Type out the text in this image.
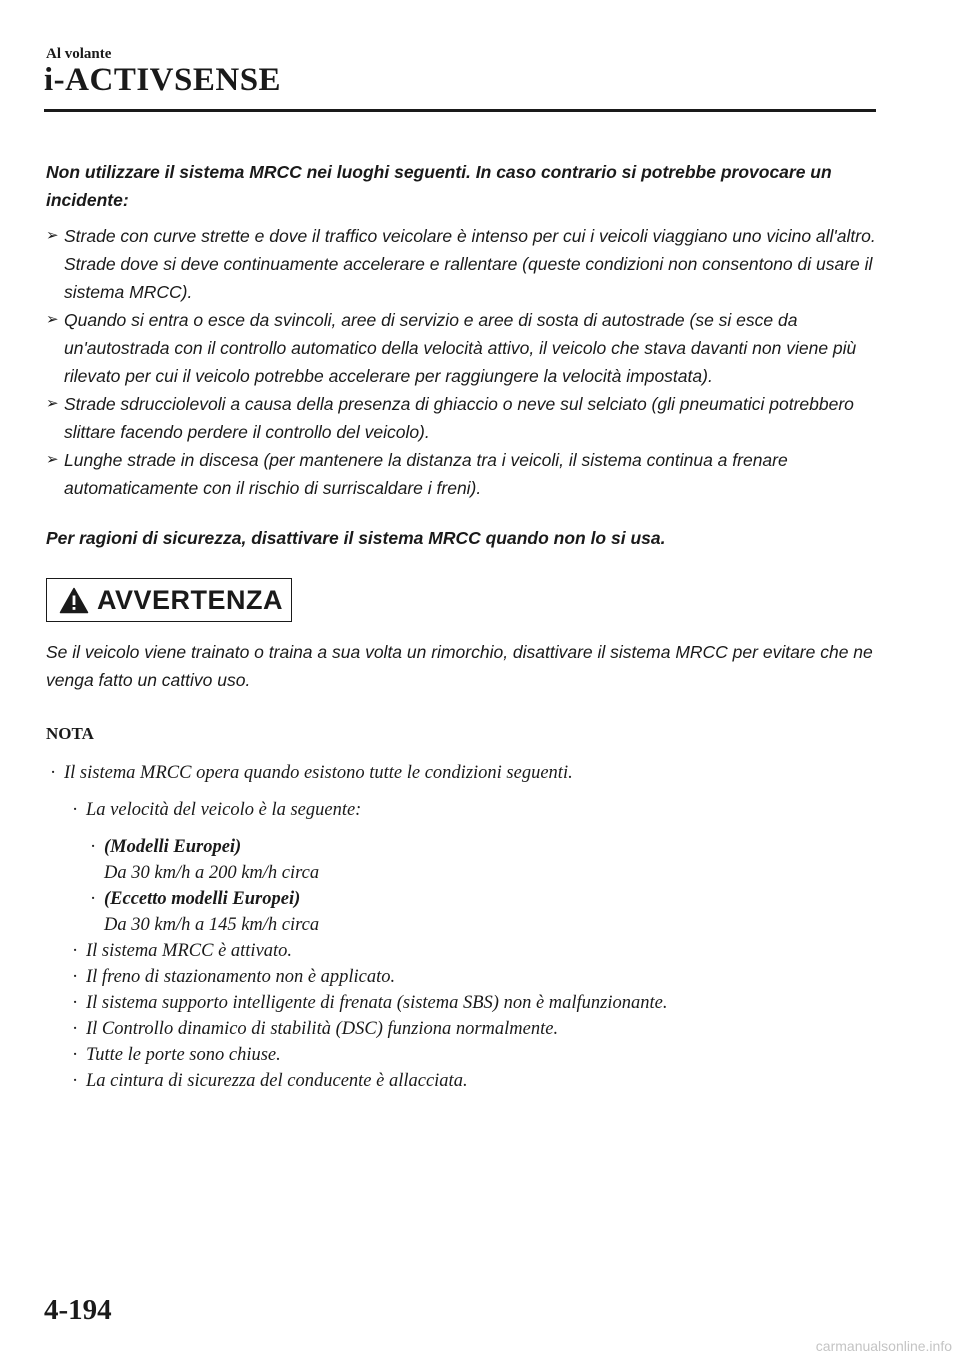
Al volante
i-ACTIVSENSE

Non utilizzare il sistema MRCC nei luoghi seguenti. In caso contrario si potrebbe provocare un incidente:

➢ Strade con curve strette e dove il traffico veicolare è intenso per cui i veicoli viaggiano uno vicino all'altro. Strade dove si deve continuamente accelerare e rallentare (queste condizioni non consentono di usare il sistema MRCC).
➢ Quando si entra o esce da svincoli, aree di servizio e aree di sosta di autostrade (se si esce da un'autostrada con il controllo automatico della velocità attivo, il veicolo che stava davanti non viene più rilevato per cui il veicolo potrebbe accelerare per raggiungere la velocità impostata).
➢ Strade sdrucciolevoli a causa della presenza di ghiaccio o neve sul selciato (gli pneumatici potrebbero slittare facendo perdere il controllo del veicolo).
➢ Lunghe strade in discesa (per mantenere la distanza tra i veicoli, il sistema continua a frenare automaticamente con il rischio di surriscaldare i freni).

Per ragioni di sicurezza, disattivare il sistema MRCC quando non lo si usa.

AVVERTENZA

Se il veicolo viene trainato o traina a sua volta un rimorchio, disattivare il sistema MRCC per evitare che ne venga fatto un cattivo uso.

NOTA

· Il sistema MRCC opera quando esistono tutte le condizioni seguenti.
· La velocità del veicolo è la seguente:
· (Modelli Europei)
Da 30 km/h a 200 km/h circa
· (Eccetto modelli Europei)
Da 30 km/h a 145 km/h circa
· Il sistema MRCC è attivato.
· Il freno di stazionamento non è applicato.
· Il sistema supporto intelligente di frenata (sistema SBS) non è malfunzionante.
· Il Controllo dinamico di stabilità (DSC) funziona normalmente.
· Tutte le porte sono chiuse.
· La cintura di sicurezza del conducente è allacciata.
4-194
carmanualsonline.info
